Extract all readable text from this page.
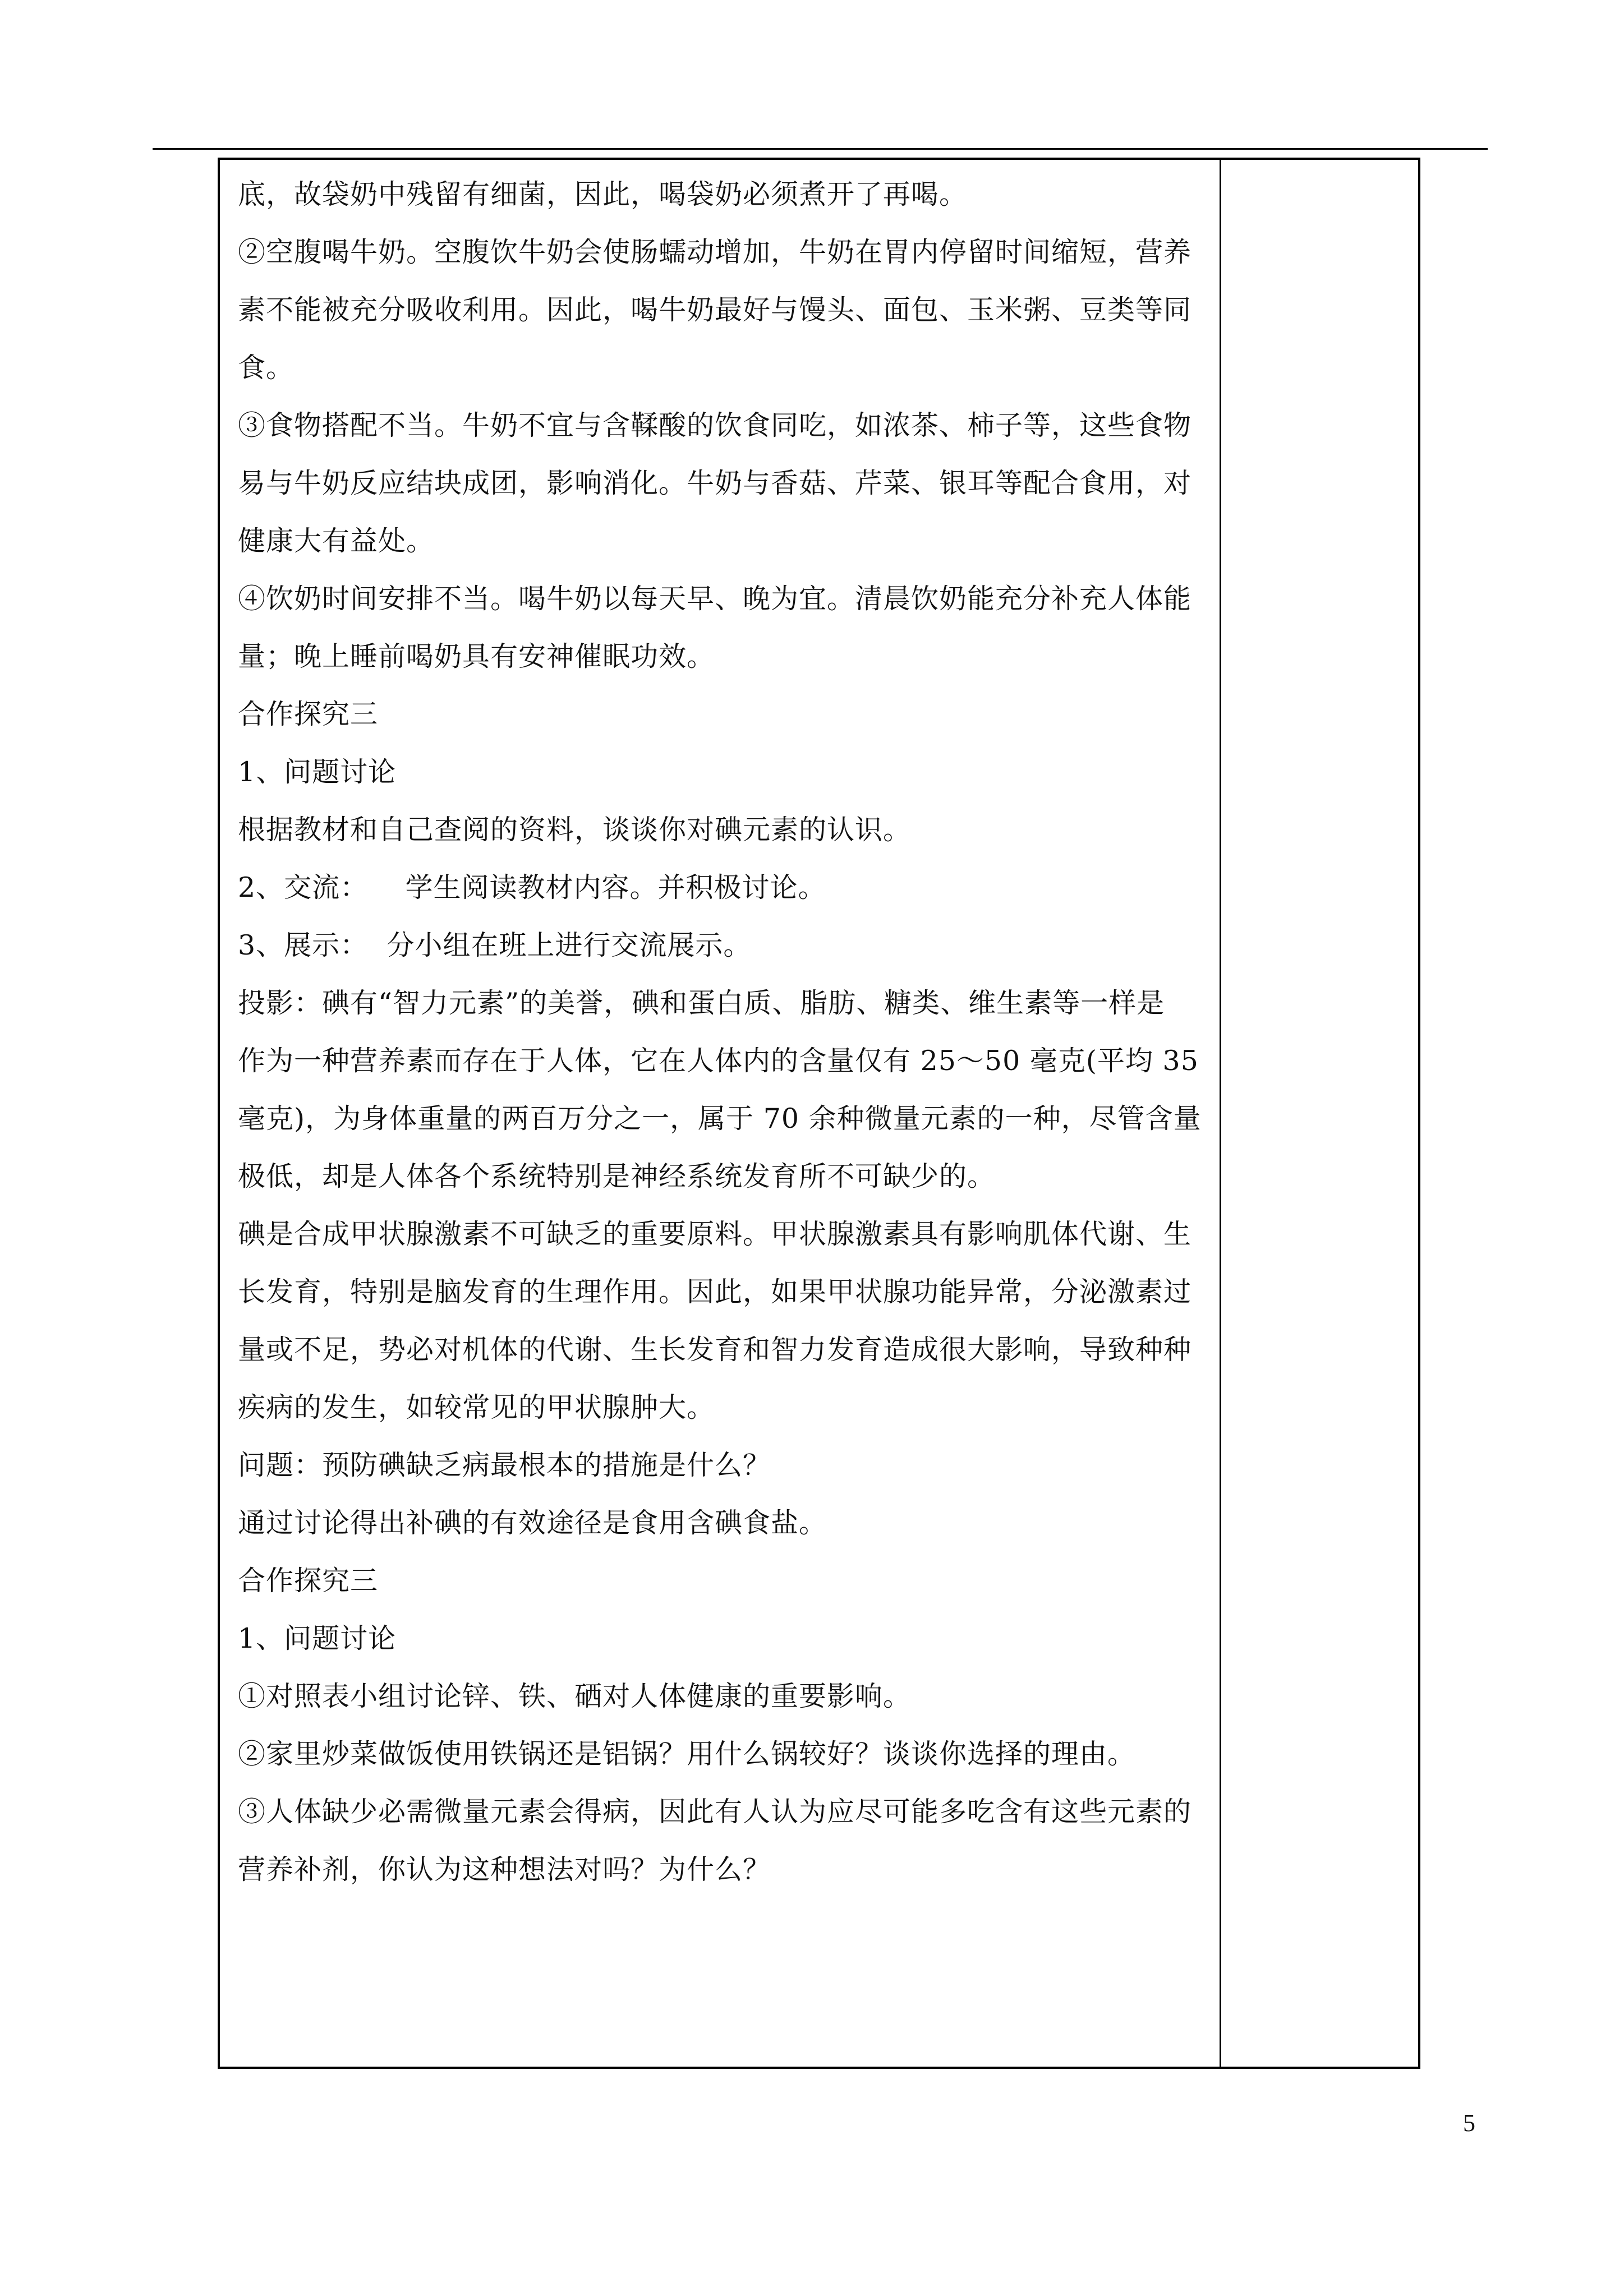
底，故袋奶中残留有细菌，因此，喝袋奶必须煮开了再喝。

②空腹喝牛奶。空腹饮牛奶会使肠蠕动增加，牛奶在胃内停留时间缩短，营养

素不能被充分吸收利用。因此，喝牛奶最好与馒头、面包、玉米粥、豆类等同

食。

③食物搭配不当。牛奶不宜与含鞣酸的饮食同吃，如浓茶、柿子等，这些食物

易与牛奶反应结块成团，影响消化。牛奶与香菇、芹菜、银耳等配合食用，对

健康大有益处。

④饮奶时间安排不当。喝牛奶以每天早、晚为宜。清晨饮奶能充分补充人体能

量；晚上睡前喝奶具有安神催眠功效。

合作探究三

1、问题讨论

根据教材和自己查阅的资料，谈谈你对碘元素的认识。

2、交流：    学生阅读教材内容。并积极讨论。

3、展示：  分小组在班上进行交流展示。

投影：碘有“智力元素”的美誉，碘和蛋白质、脂肪、糖类、维生素等一样是

作为一种营养素而存在于人体，它在人体内的含量仅有 25～50 毫克(平均 35

毫克)，为身体重量的两百万分之一，属于 70 余种微量元素的一种，尽管含量

极低，却是人体各个系统特别是神经系统发育所不可缺少的。

碘是合成甲状腺激素不可缺乏的重要原料。甲状腺激素具有影响肌体代谢、生

长发育，特别是脑发育的生理作用。因此，如果甲状腺功能异常，分泌激素过

量或不足，势必对机体的代谢、生长发育和智力发育造成很大影响，导致种种

疾病的发生，如较常见的甲状腺肿大。

问题：预防碘缺乏病最根本的措施是什么？

通过讨论得出补碘的有效途径是食用含碘食盐。

合作探究三

1、问题讨论

①对照表小组讨论锌、铁、硒对人体健康的重要影响。

②家里炒菜做饭使用铁锅还是铝锅？用什么锅较好？谈谈你选择的理由。

③人体缺少必需微量元素会得病，因此有人认为应尽可能多吃含有这些元素的

营养补剂，你认为这种想法对吗？为什么？

5
